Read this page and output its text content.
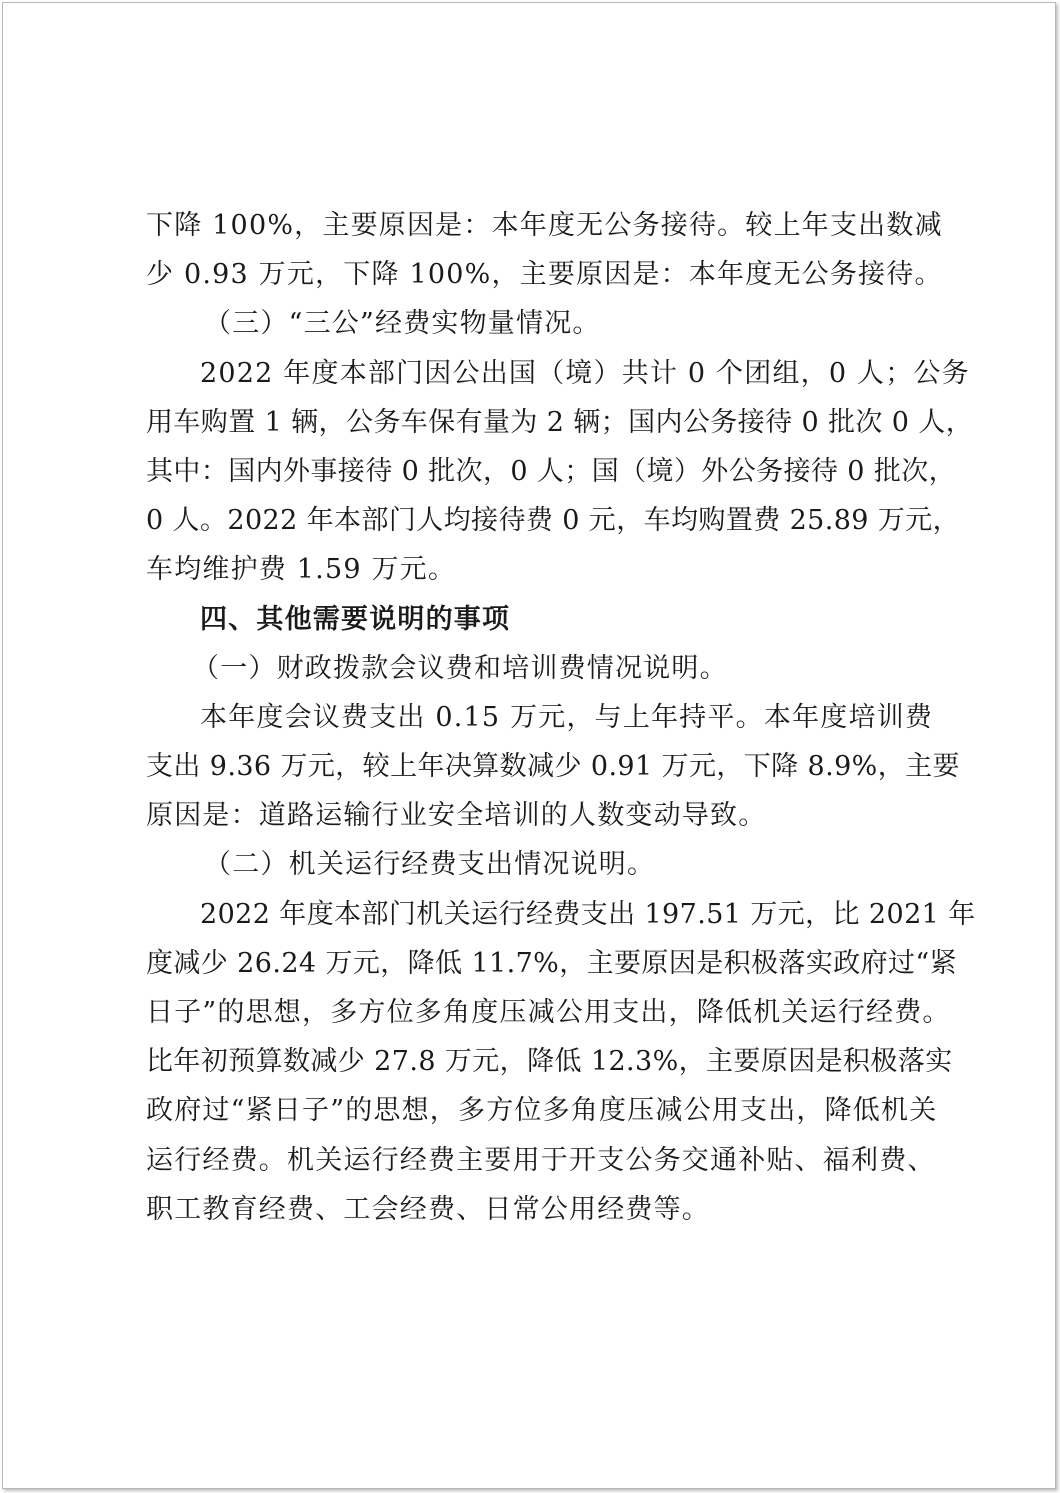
下降 100%，主要原因是：本年度无公务接待。较上年支出数减
少 0.93 万元，下降 100%，主要原因是：本年度无公务接待。
（三）“三公”经费实物量情况。
2022 年度本部门因公出国（境）共计 0 个团组，0 人；公务
用车购置 1 辆，公务车保有量为 2 辆；国内公务接待 0 批次 0 人，
其中：国内外事接待 0 批次，0 人；国（境）外公务接待 0 批次，
0 人。2022 年本部门人均接待费 0 元，车均购置费 25.89 万元，
车均维护费 1.59 万元。
四、其他需要说明的事项
（一）财政拨款会议费和培训费情况说明。
本年度会议费支出 0.15 万元，与上年持平。本年度培训费
支出 9.36 万元，较上年决算数减少 0.91 万元，下降 8.9%，主要
原因是：道路运输行业安全培训的人数变动导致。
（二）机关运行经费支出情况说明。
2022 年度本部门机关运行经费支出 197.51 万元，比 2021 年
度减少 26.24 万元，降低 11.7%，主要原因是积极落实政府过“紧
日子”的思想，多方位多角度压减公用支出，降低机关运行经费。
比年初预算数减少 27.8 万元，降低 12.3%，主要原因是积极落实
政府过“紧日子”的思想，多方位多角度压减公用支出，降低机关
运行经费。机关运行经费主要用于开支公务交通补贴、福利费、
职工教育经费、工会经费、日常公用经费等。
